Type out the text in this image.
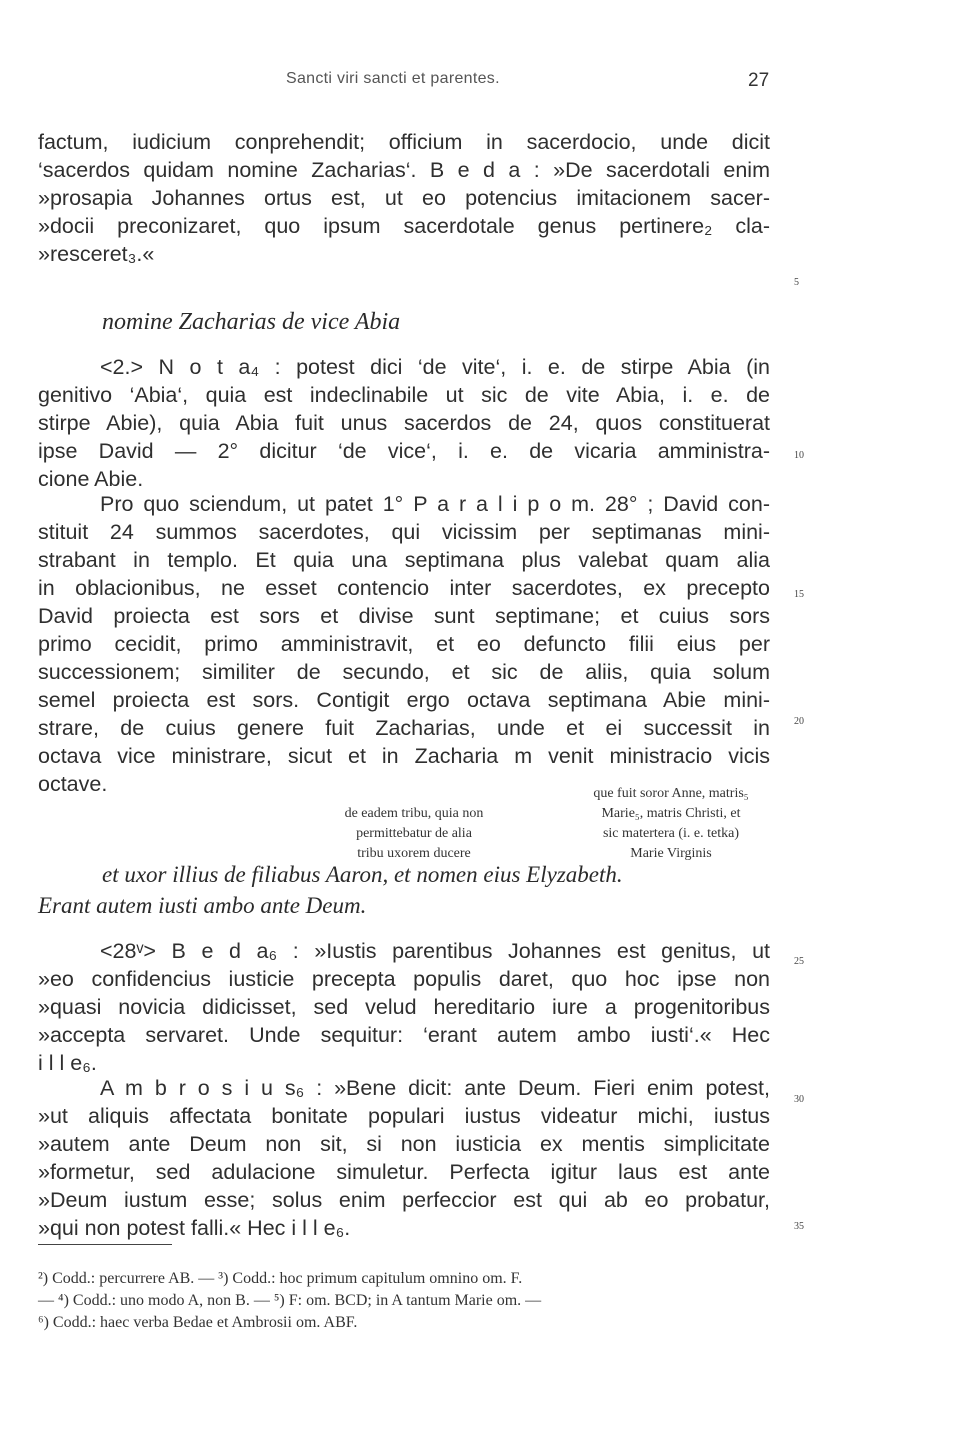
Sancti viri sancti et parentes.	27
factum, iudicium conprehendit; officium in sacerdocio, unde dicit
‘sacerdos quidam nomine Zacharias‘. B e d a : »De sacerdotali enim
»prosapia Johannes ortus est, ut eo potencius imitacionem sacer-
»docii preconizaret, quo ipsum sacerdotale genus pertinere₂ cla-
»resceret₃.«
nomine Zacharias de vice Abia
<2.> N o t a₄ : potest dici ‘de vite‘, i. e. de stirpe Abia (in
genitivo ‘Abia‘, quia est indeclinabile ut sic de vite Abia, i. e. de
stirpe Abie), quia Abia fuit unus sacerdos de 24, quos constituerat
ipse David — 2° dicitur ‘de vice‘, i. e. de vicaria amministra-
cione Abie.
Pro quo sciendum, ut patet 1° P a r a l i p o m. 28° ; David con-
stituit 24 summos sacerdotes, qui vicissim per septimanas mini-
strabant in templo. Et quia una septimana plus valebat quam alia
in oblacionibus, ne esset contencio inter sacerdotes, ex precepto
David proiecta est sors et divise sunt septimane; et cuius sors
primo cecidit, primo amministravit, et eo defuncto filii eius per
successionem; similiter de secundo, et sic de aliis, quia solum
semel proiecta est sors. Contigit ergo octava septimana Abie mini-
strare, de cuius genere fuit Zacharias, unde et ei successit in
octava vice ministrare, sicut et in Zacharia m venit ministracio vicis
octave.
de eadem tribu, quia non
permittebatur de alia
tribu uxorem ducere
que fuit soror Anne, matris₅
Marie₅, matris Christi, et
sic matertera (i. e. tetka)
Marie Virginis
et uxor illius de filiabus Aaron, et nomen eius Elyzabeth.
Erant autem iusti ambo ante Deum.
<28ᵛ> B e d a₆ : »Iustis parentibus Johannes est genitus, ut
»eo confidencius iusticie precepta populis daret, quo hoc ipse non
»quasi novicia didicisset, sed velud hereditario iure a progenitoribus
»accepta servaret. Unde sequitur: ‘erant autem ambo iusti‘.« Hec
i l l e₆.
A m b r o s i u s₆ : »Bene dicit: ante Deum. Fieri enim potest,
»ut aliquis affectata bonitate populari iustus videatur michi, iustus
»autem ante Deum non sit, si non iusticia ex mentis simplicitate
»formetur, sed adulacione simuletur. Perfecta igitur laus est ante
»Deum iustum esse; solus enim perfeccior est qui ab eo probatur,
»qui non potest falli.« Hec i l l e₆.
5
10
15
20
25
30
35
²) Codd.: percurrere AB. — ³) Codd.: hoc primum capitulum omnino om. F.
— ⁴) Codd.: uno modo A, non B. — ⁵) F: om. BCD; in A tantum Marie om. —
⁶) Codd.: haec verba Bedae et Ambrosii om. ABF.
